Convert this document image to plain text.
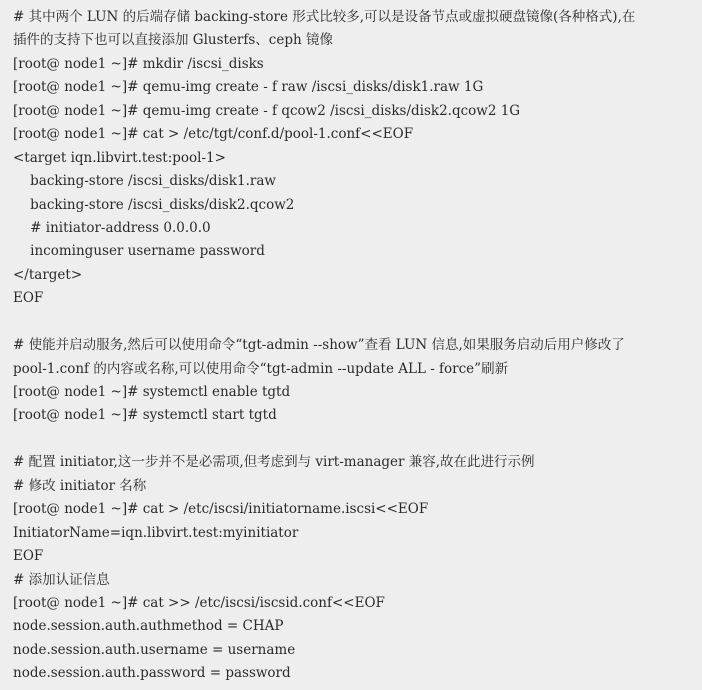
# 其中两个 LUN 的后端存储 backing-store 形式比较多,可以是设备节点或虚拟硬盘镜像(各种格式),在
插件的支持下也可以直接添加 Glusterfs、ceph 镜像
[root@ node1 ~]# mkdir /iscsi_disks
[root@ node1 ~]# qemu-img create - f raw /iscsi_disks/disk1.raw 1G
[root@ node1 ~]# qemu-img create - f qcow2 /iscsi_disks/disk2.qcow2 1G
[root@ node1 ~]# cat > /etc/tgt/conf.d/pool-1.conf<<EOF
<target iqn.libvirt.test:pool-1>
backing-store /iscsi_disks/disk1.raw
backing-store /iscsi_disks/disk2.qcow2
# initiator-address 0.0.0.0
incominguser username password
</target>
EOF
# 使能并启动服务,然后可以使用命令“tgt-admin --show”查看 LUN 信息,如果服务启动后用户修改了
pool-1.conf 的内容或名称,可以使用命令“tgt-admin --update ALL - force”刷新
[root@ node1 ~]# systemctl enable tgtd
[root@ node1 ~]# systemctl start tgtd
# 配置 initiator,这一步并不是必需项,但考虑到与 virt-manager 兼容,故在此进行示例
# 修改 initiator 名称
[root@ node1 ~]# cat > /etc/iscsi/initiatorname.iscsi<<EOF
InitiatorName=iqn.libvirt.test:myinitiator
EOF
# 添加认证信息
[root@ node1 ~]# cat >> /etc/iscsi/iscsid.conf<<EOF
node.session.auth.authmethod = CHAP
node.session.auth.username = username
node.session.auth.password = password
